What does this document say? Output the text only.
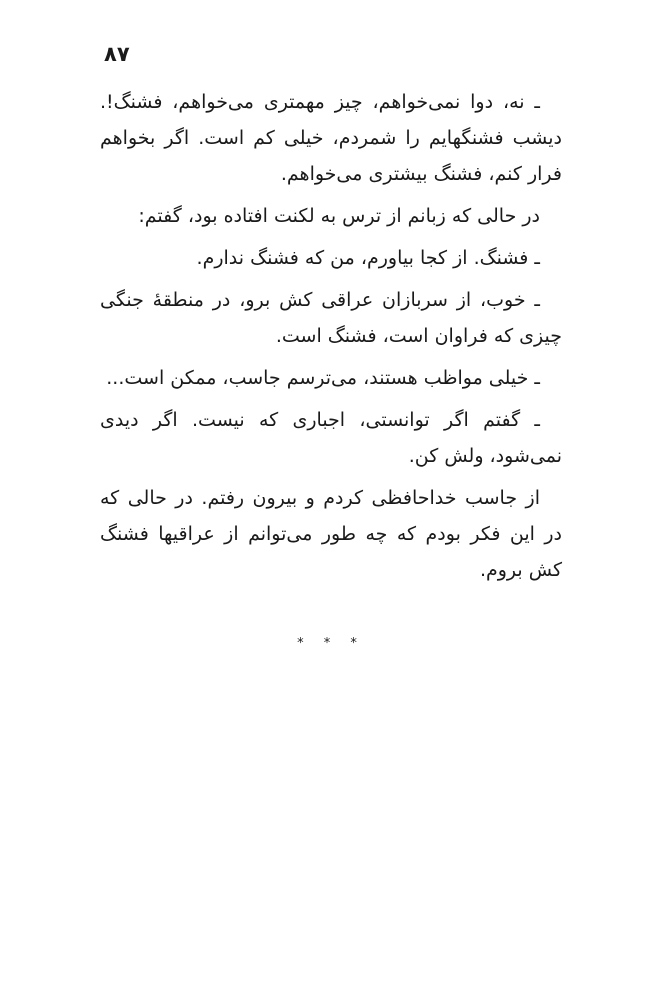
۸۷

ـ نه، دوا نمی‌خواهم، چیز مهمتری می‌خواهم، فشنگ!. دیشب فشنگهایم را شمردم، خیلی کم است. اگر بخواهم فرار کنم، فشنگ بیشتری می‌خواهم.

در حالی که زبانم از ترس به لکنت افتاده بود، گفتم:

ـ فشنگ. از کجا بیاورم، من که فشنگ ندارم.

ـ خوب، از سربازان عراقی کش برو، در منطقهٔ جنگی چیزی که فراوان است، فشنگ است.

ـ خیلی مواظب هستند، می‌ترسم جاسب، ممکن است...

ـ گفتم اگر توانستی، اجباری که نیست. اگر دیدی نمی‌شود، ولش کن.

از جاسب خداحافظی کردم و بیرون رفتم. در حالی که در این فکر بودم که چه طور می‌توانم از عراقیها فشنگ کش بروم.

* * *
